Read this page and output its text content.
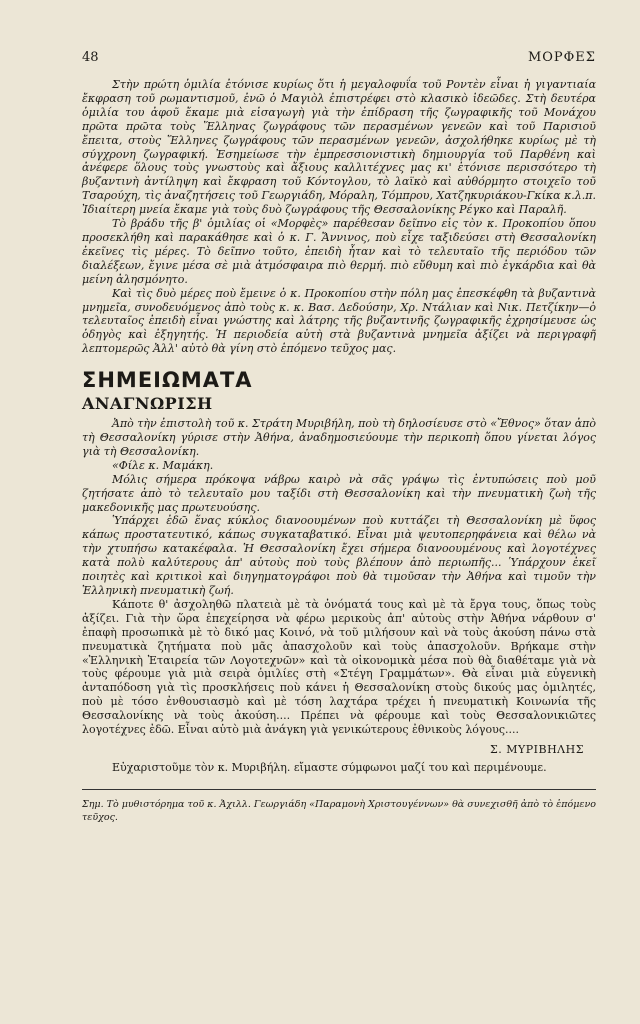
48	ΜΟΡΦΕΣ

Στὴν πρώτη ὁμιλία ἐτόνισε κυρίως ὅτι ἡ μεγαλοφυΐα τοῦ Ροντὲν εἶναι ἡ γιγαντιαία ἔκφραση τοῦ ρωμαντισμοῦ, ἐνῶ ὁ Μαγιὸλ ἐπιστρέφει στὸ κλασικὸ ἰδεῶδες. Στὴ δευτέρα ὁμιλία του ἀφοῦ ἔκαμε μιὰ εἰσαγωγὴ γιὰ τὴν ἐπίδραση τῆς ζωγραφικῆς τοῦ Μονάχου πρῶτα πρῶτα τοὺς Ἕλληνας ζωγράφους τῶν περασμένων γενεῶν καὶ τοῦ Παρισιοῦ ἔπειτα, στοὺς Ἕλληνες ζωγράφους τῶν περασμένων γενεῶν, ἀσχολήθηκε κυρίως μὲ τὴ σύγχρονη ζωγραφική. Ἐσημείωσε τὴν ἐμπρεσσιονιστικὴ δημιουργία τοῦ Παρθένη καὶ ἀνέφερε ὅλους τοὺς γνωστοὺς καὶ ἄξιους καλλιτέχνες μας κι' ἐτόνισε περισσότερο τὴ βυζαντινὴ ἀντίληψη καὶ ἔκφραση τοῦ Κόντογλου, τὸ λαϊκὸ καὶ αὐθόρμητο στοιχεῖο τοῦ Τσαρούχη, τὶς ἀναζητήσεις τοῦ Γεωργιάδη, Μόραλη, Τόμπρου, Χατζηκυριάκου-Γκίκα κ.λ.π. Ἰδιαίτερη μνεία ἔκαμε γιὰ τοὺς δυὸ ζωγράφους τῆς Θεσσαλονίκης Ρέγκο καὶ Παραλῆ.

Τὸ βράδυ τῆς β' ὁμιλίας οἱ «Μορφὲς» παρέθεσαν δεῖπνο εἰς τὸν κ. Προκοπίου ὅπου προσεκλήθη καὶ παρακάθησε καὶ ὁ κ. Γ. Ἄννινος, ποὺ εἶχε ταξιδεύσει στὴ Θεσσαλονίκη ἐκεῖνες τὶς μέρες. Τὸ δεῖπνο τοῦτο, ἐπειδὴ ἦταν καὶ τὸ τελευταῖο τῆς περιόδου τῶν διαλέξεων, ἔγινε μέσα σὲ μιὰ ἀτμόσφαιρα πιὸ θερμή. πιὸ εὔθυμη καὶ πιὸ ἐγκάρδια καὶ θὰ μείνη ἀλησμόνητο.

Καὶ τὶς δυὸ μέρες ποὺ ἔμεινε ὁ κ. Προκοπίου στὴν πόλη μας ἐπεσκέφθη τὰ βυζαντινὰ μνημεῖα, συνοδευόμενος ἀπὸ τοὺς κ. κ. Βασ. Δεδούσην, Χρ. Ντάλιαν καὶ Νικ. Πετζίκην—ὁ τελευταῖος ἐπειδὴ εἶναι γνώστης καὶ λάτρης τῆς βυζαντινῆς ζωγραφικῆς ἐχρησίμευσε ὡς ὁδηγὸς καὶ ἐξηγητής. Ἡ περιοδεία αὐτὴ στὰ βυζαντινὰ μνημεῖα ἀξίζει νὰ περιγραφῆ λεπτομερῶς Ἀλλ' αὐτὸ θὰ γίνη στὸ ἑπόμενο τεῦχος μας.

ΣΗΜΕΙΩΜΑΤΑ
ΑΝΑΓΝΩΡΙΣΗ

Ἀπὸ τὴν ἐπιστολὴ τοῦ κ. Στράτη Μυριβήλη, ποὺ τὴ δηλοσίευσε στὸ «Ἔθνος» ὅταν ἀπὸ τὴ Θεσσαλονίκη γύρισε στὴν Ἀθήνα, ἀναδημοσιεύουμε τὴν περικοπὴ ὅπου γίνεται λόγος γιὰ τὴ Θεσσαλονίκη.

«Φίλε κ. Μαμάκη.

Μόλις σήμερα πρόκοψα νάβρω καιρὸ νὰ σᾶς γράψω τὶς ἐντυπώσεις ποὺ μοῦ ζητήσατε ἀπὸ τὸ τελευταῖο μου ταξίδι στὴ Θεσσαλονίκη καὶ τὴν πνευματικὴ ζωὴ τῆς μακεδονικῆς μας πρωτευούσης.

Ὑπάρχει ἐδῶ ἕνας κύκλος διανοουμένων ποὺ κυττάζει τὴ Θεσσαλονίκη μὲ ὕφος κάπως προστατευτικό, κάπως συγκαταβατικό. Εἶναι μιὰ ψευτοπερηφάνεια καὶ θέλω νὰ τὴν χτυπήσω κατακέφαλα. Ἡ Θεσσαλονίκη ἔχει σήμερα διανοουμένους καὶ λογοτέχνες κατὰ πολὺ καλύτερους ἀπ' αὐτοὺς ποὺ τοὺς βλέπουν ἀπὸ περιωπῆς... Ὑπάρχουν ἐκεῖ ποιητὲς καὶ κριτικοὶ καὶ διηγηματογράφοι ποὺ θὰ τιμοῦσαν τὴν Ἀθήνα καὶ τιμοῦν τὴν Ἑλληνικὴ πνευματικὴ ζωή.

Κάποτε θ' ἀσχοληθῶ πλατειὰ μὲ τὰ ὀνόματά τους καὶ μὲ τὰ ἔργα τους, ὅπως τοὺς ἀξίζει. Γιὰ τὴν ὥρα ἐπεχείρησα νὰ φέρω μερικοὺς ἀπ' αὐτοὺς στὴν Ἀθήνα νάρθουν σ' ἐπαφὴ προσωπικὰ μὲ τὸ δικό μας Κοινό, νὰ τοῦ μιλήσουν καὶ νὰ τοὺς ἀκούση πάνω στὰ πνευματικὰ ζητήματα ποὺ μᾶς ἀπασχολοῦν καὶ τοὺς ἀπασχολοῦν. Βρήκαμε στὴν «Ἑλληνικὴ Ἑταιρεία τῶν Λογοτεχνῶν» καὶ τὰ οἰκονομικὰ μέσα ποὺ θὰ διαθέταμε γιὰ νὰ τοὺς φέρουμε γιὰ μιὰ σειρὰ ὁμιλίες στὴ «Στέγη Γραμμάτων». Θὰ εἶναι μιὰ εὐγενικὴ ἀνταπόδοση γιὰ τὶς προσκλήσεις ποὺ κάνει ἡ Θεσσαλονίκη στοὺς δικούς μας ὁμιλητές, ποὺ μὲ τόσο ἐνθουσιασμὸ καὶ μὲ τόση λαχτάρα τρέχει ἡ πνευματικὴ Κοινωνία τῆς Θεσσαλονίκης νὰ τοὺς ἀκούση.... Πρέπει νὰ φέρουμε καὶ τοὺς Θεσσαλονικιῶτες λογοτέχνες ἐδῶ. Εἶναι αὐτὸ μιὰ ἀνάγκη γιὰ γενικώτερους ἐθνικοὺς λόγους....

Σ. ΜΥΡΙΒΗΛΗΣ

Εὐχαριστοῦμε τὸν κ. Μυριβήλη. εἴμαστε σύμφωνοι μαζί του καὶ περιμένουμε.

Σημ. Τὸ μυθιστόρημα τοῦ κ. Ἀχιλλ. Γεωργιάδη «Παραμονὴ Χριστουγέννων» θὰ συνεχισθῆ ἀπὸ τὸ ἑπόμενο τεῦχος.
